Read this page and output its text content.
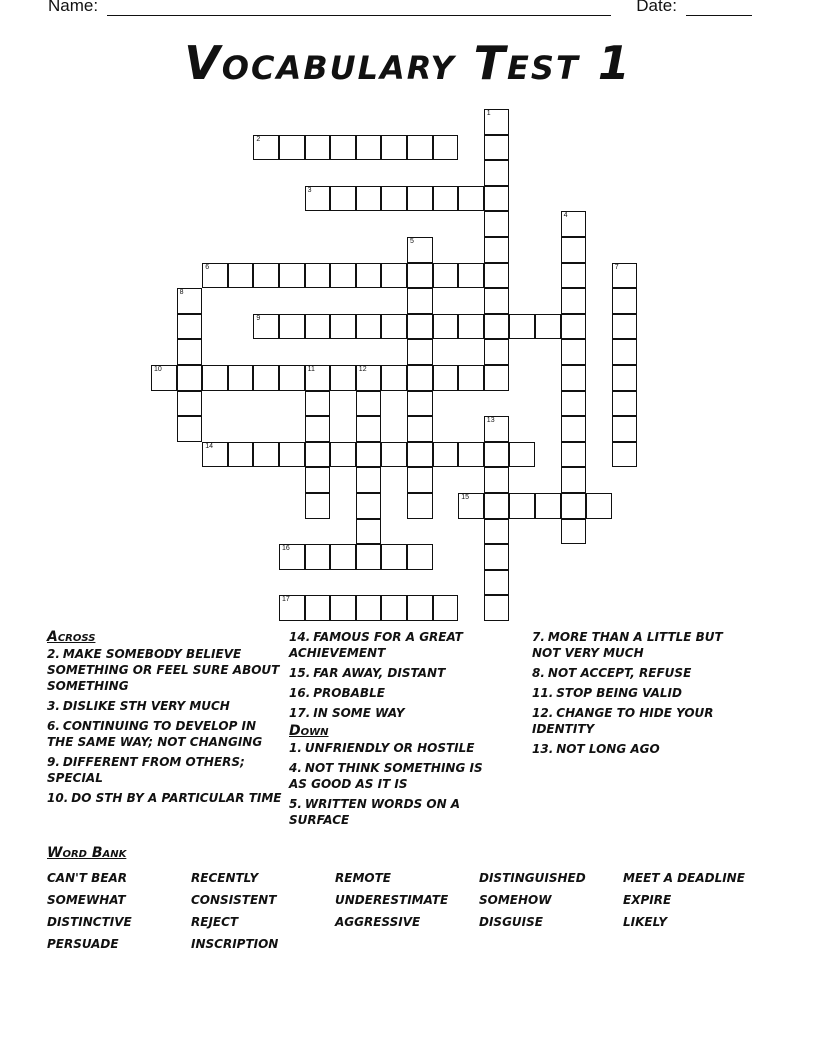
Name:	Date:
Vocabulary Test 1
1
2
3
4
5
6	7
8
9
10	11	12
13
14
15
16
17
Across
2. MAKE SOMEBODY BELIEVE SOMETHING OR FEEL SURE ABOUT SOMETHING
3. DISLIKE STH VERY MUCH
6. CONTINUING TO DEVELOP IN THE SAME WAY; NOT CHANGING
9. DIFFERENT FROM OTHERS; SPECIAL
10. DO STH BY A PARTICULAR TIME
14. FAMOUS FOR A GREAT ACHIEVEMENT
15. FAR AWAY, DISTANT
16. PROBABLE
17. IN SOME WAY
Down
1. UNFRIENDLY OR HOSTILE
4. NOT THINK SOMETHING IS AS GOOD AS IT IS
5. WRITTEN WORDS ON A SURFACE
7. MORE THAN A LITTLE BUT NOT VERY MUCH
8. NOT ACCEPT, REFUSE
11. STOP BEING VALID
12. CHANGE TO HIDE YOUR IDENTITY
13. NOT LONG AGO
Word Bank
CAN'T BEAR	RECENTLY	REMOTE	DISTINGUISHED	MEET A DEADLINE
SOMEWHAT	CONSISTENT	UNDERESTIMATE	SOMEHOW	EXPIRE
DISTINCTIVE	REJECT	AGGRESSIVE	DISGUISE	LIKELY
PERSUADE	INSCRIPTION
